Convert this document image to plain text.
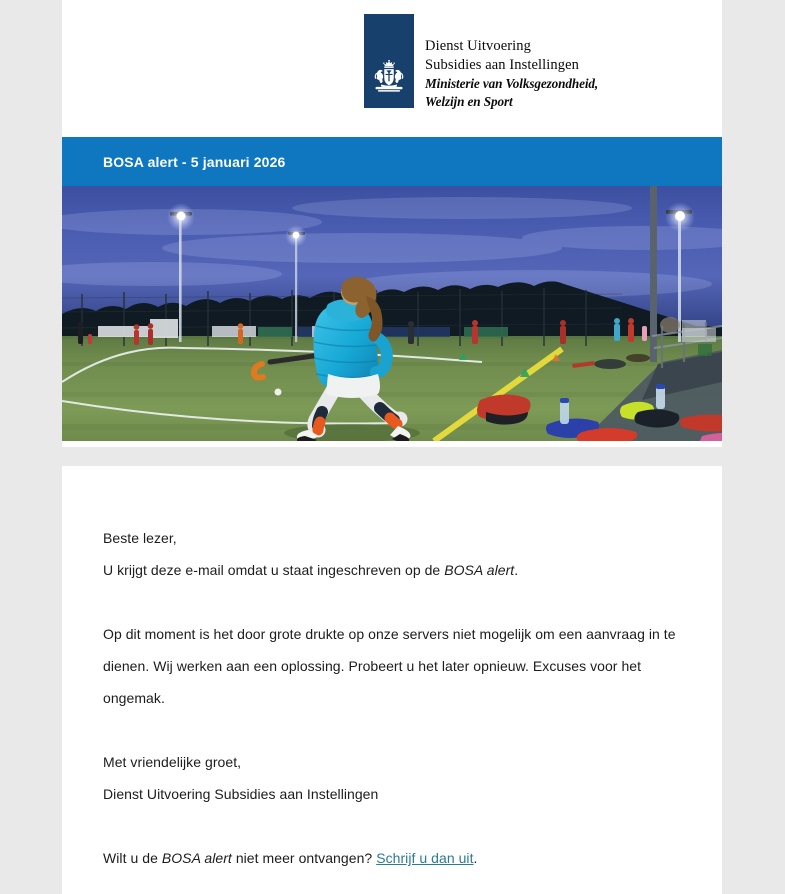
Dienst Uitvoering
Subsidies aan Instellingen
Ministerie van Volksgezondheid,
Welzijn en Sport
BOSA alert - 5 januari 2026

Beste lezer,

U krijgt deze e-mail omdat u staat ingeschreven op de BOSA alert.

Op dit moment is het door grote drukte op onze servers niet mogelijk om een aanvraag in te dienen. Wij werken aan een oplossing. Probeert u het later opnieuw. Excuses voor het ongemak.

Met vriendelijke groet,

Dienst Uitvoering Subsidies aan Instellingen

Wilt u de BOSA alert niet meer ontvangen? Schrijf u dan uit.
